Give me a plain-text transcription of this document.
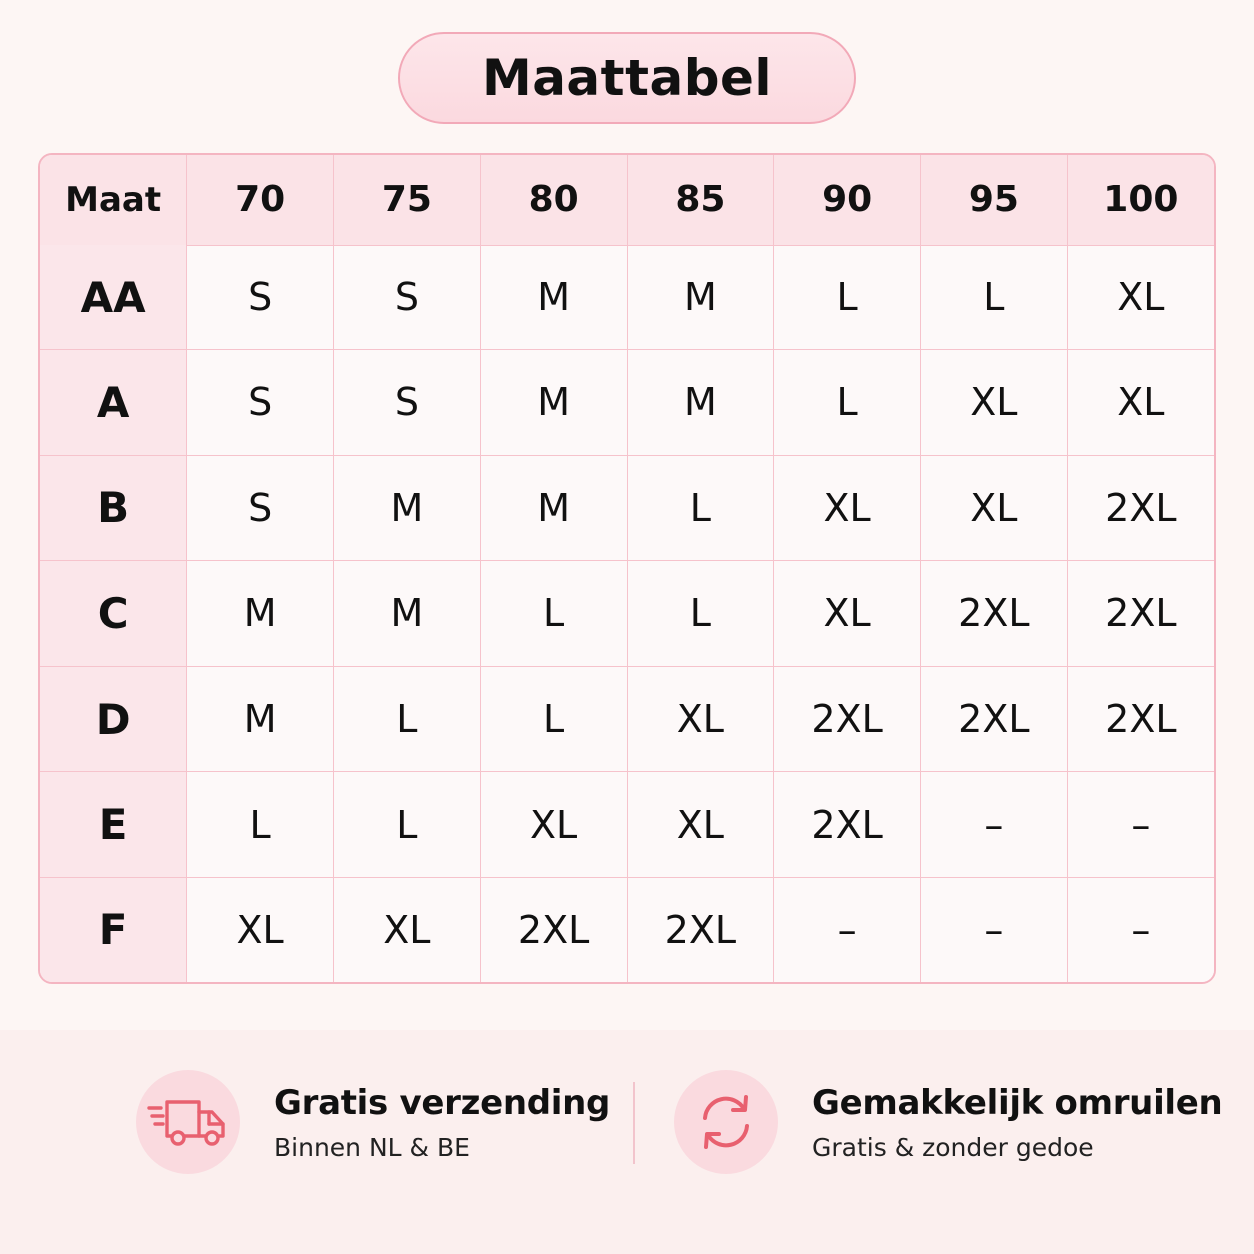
Maattabel
Maat	70	75	80	85	90	95	100
AA	S	S	M	M	L	L	XL
A	S	S	M	M	L	XL	XL
B	S	M	M	L	XL	XL	2XL
C	M	M	L	L	XL	2XL	2XL
D	M	L	L	XL	2XL	2XL	2XL
E	L	L	XL	XL	2XL	–	–
F	XL	XL	2XL	2XL	–	–	–
Gratis verzending
Binnen NL & BE
Gemakkelijk omruilen
Gratis & zonder gedoe
